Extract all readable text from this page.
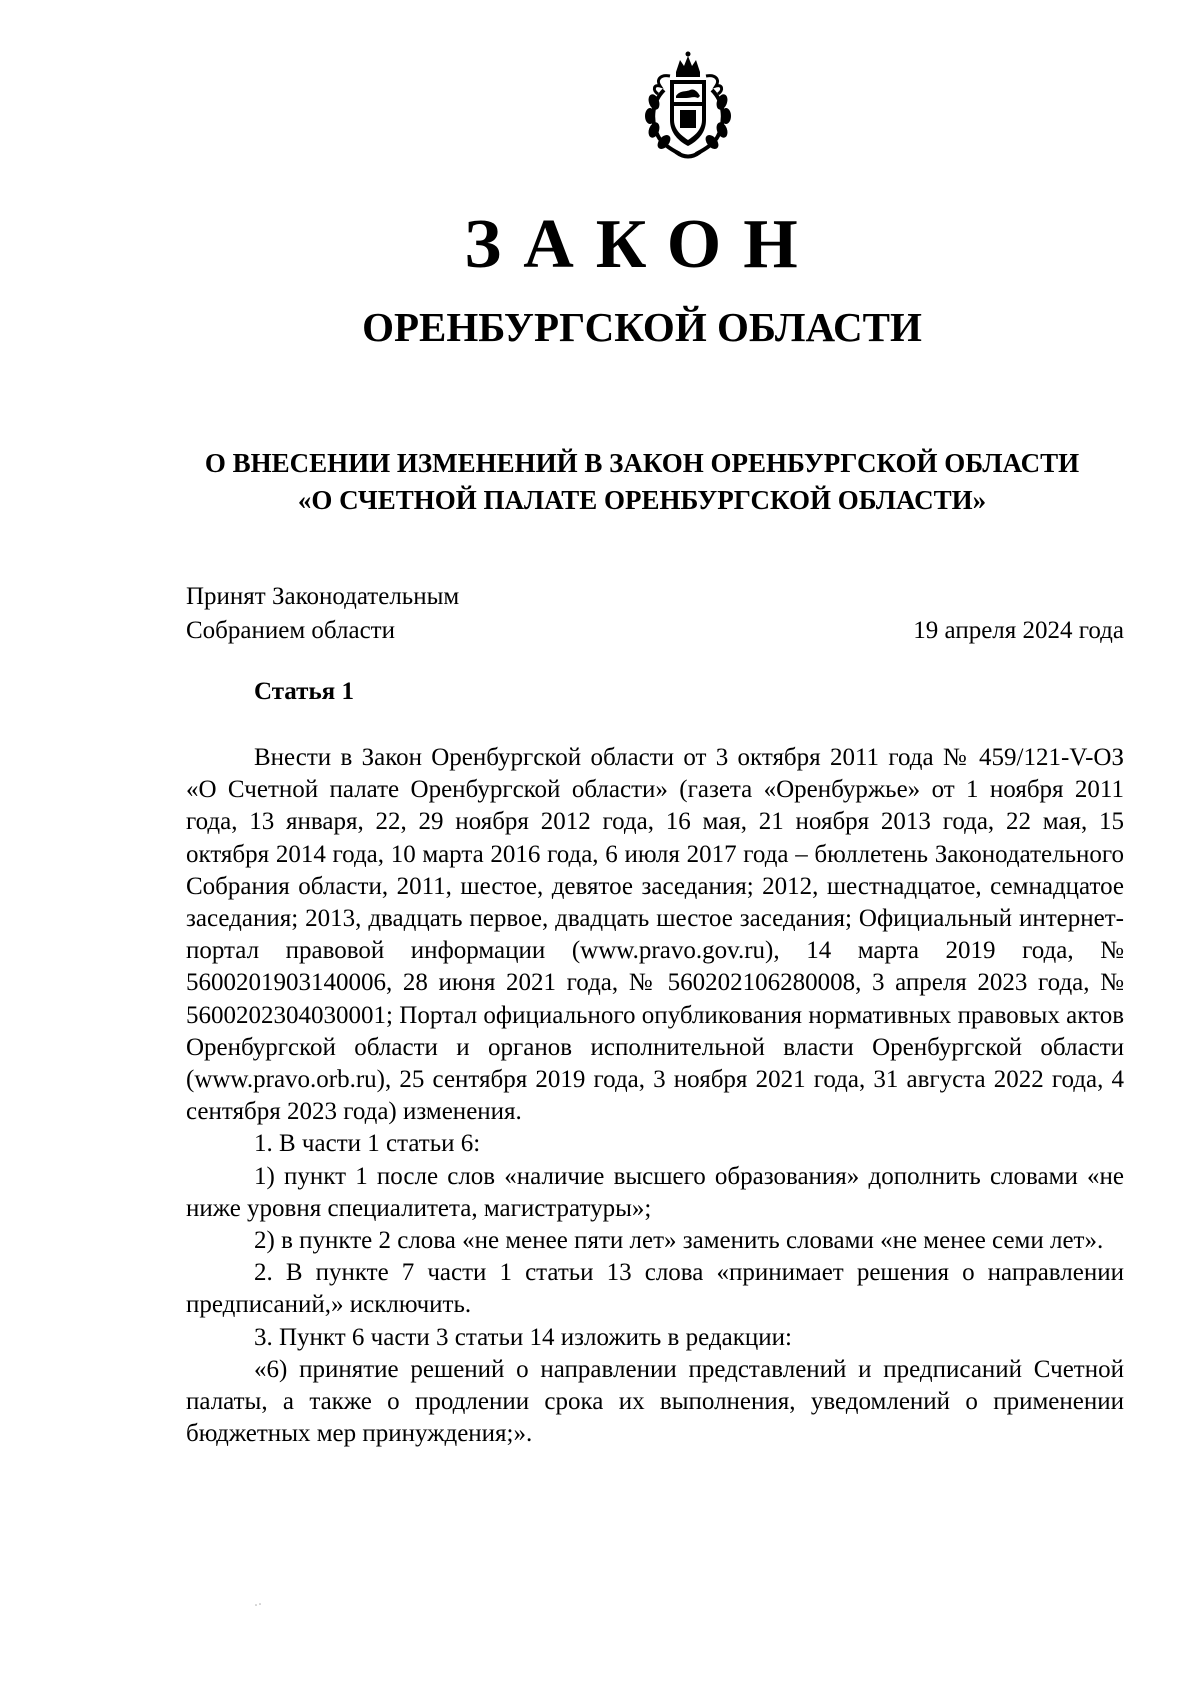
ЗАКОН
ОРЕНБУРГСКОЙ ОБЛАСТИ
О ВНЕСЕНИИ ИЗМЕНЕНИЙ В ЗАКОН ОРЕНБУРГСКОЙ ОБЛАСТИ
«О СЧЕТНОЙ ПАЛАТЕ ОРЕНБУРГСКОЙ ОБЛАСТИ»
Принят Законодательным
Собранием области	19 апреля 2024 года
Статья 1

Внести в Закон Оренбургской области от 3 октября 2011 года № 459/121-V-ОЗ «О Счетной палате Оренбургской области» (газета «Оренбуржье» от 1 ноября 2011 года, 13 января, 22, 29 ноября 2012 года, 16 мая, 21 ноября 2013 года, 22 мая, 15 октября 2014 года, 10 марта 2016 года, 6 июля 2017 года – бюллетень Законодательного Собрания области, 2011, шестое, девятое заседания; 2012, шестнадцатое, семнадцатое заседания; 2013, двадцать первое, двадцать шестое заседания; Официальный интернет-портал правовой информации (www.pravo.gov.ru), 14 марта 2019 года, № 5600201903140006, 28 июня 2021 года, № 560202106280008, 3 апреля 2023 года, № 5600202304030001; Портал официального опубликования нормативных правовых актов Оренбургской области и органов исполнительной власти Оренбургской области (www.pravo.orb.ru), 25 сентября 2019 года, 3 ноября 2021 года, 31 августа 2022 года, 4 сентября 2023 года) изменения.

1. В части 1 статьи 6:

1) пункт 1 после слов «наличие высшего образования» дополнить словами «не ниже уровня специалитета, магистратуры»;

2) в пункте 2 слова «не менее пяти лет» заменить словами «не менее семи лет».

2. В пункте 7 части 1 статьи 13 слова «принимает решения о направлении предписаний,» исключить.

3. Пункт 6 части 3 статьи 14 изложить в редакции:

«6) принятие решений о направлении представлений и предписаний Счетной палаты, а также о продлении срока их выполнения, уведомлений о применении бюджетных мер принуждения;».
